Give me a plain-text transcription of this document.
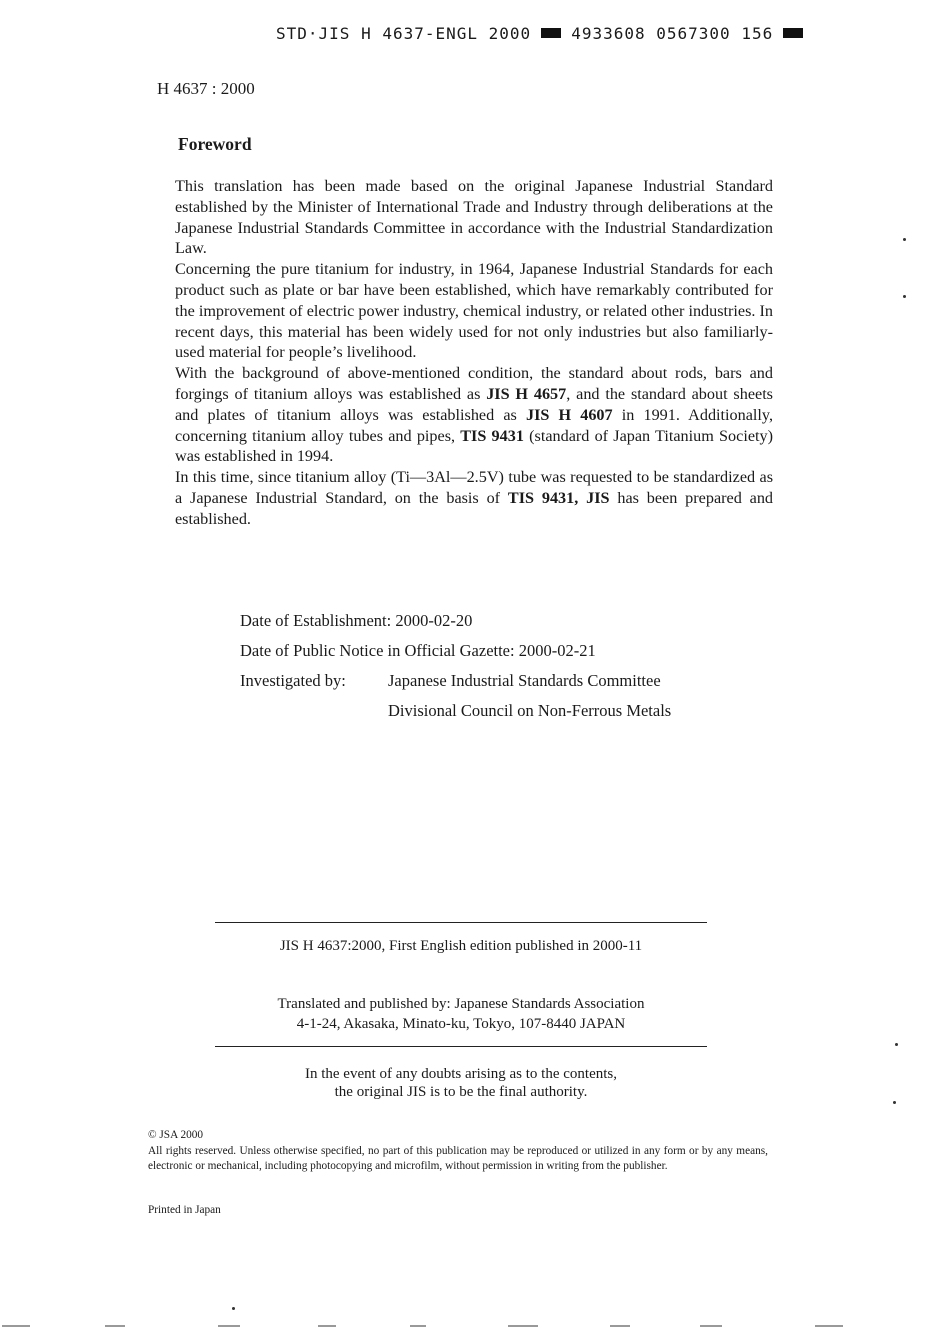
STD·JIS H 4637-ENGL 2000	4933608 0567300 156
H 4637 : 2000
Foreword

This translation has been made based on the original Japanese Industrial Standard established by the Minister of International Trade and Industry through deliberations at the Japanese Industrial Standards Committee in accordance with the Industrial Standardization Law.

Concerning the pure titanium for industry, in 1964, Japanese Industrial Standards for each product such as plate or bar have been established, which have remarkably contributed for the improvement of electric power industry, chemical industry, or related other industries. In recent days, this material has been widely used for not only industries but also familiarly-used material for people’s livelihood.

With the background of above-mentioned condition, the standard about rods, bars and forgings of titanium alloys was established as JIS H 4657, and the standard about sheets and plates of titanium alloys was established as JIS H 4607 in 1991. Additionally, concerning titanium alloy tubes and pipes, TIS 9431 (standard of Japan Titanium Society) was established in 1994.

In this time, since titanium alloy (Ti—3Al—2.5V) tube was requested to be standardized as a Japanese Industrial Standard, on the basis of TIS 9431, JIS has been prepared and established.

Date of Establishment: 2000-02-20
Date of Public Notice in Official Gazette: 2000-02-21
Investigated by:	Japanese Industrial Standards Committee
Divisional Council on Non-Ferrous Metals
JIS H 4637:2000, First English edition published in 2000-11
Translated and published by: Japanese Standards Association
4-1-24, Akasaka, Minato-ku, Tokyo, 107-8440 JAPAN
In the event of any doubts arising as to the contents,
the original JIS is to be the final authority.
© JSA 2000
All rights reserved. Unless otherwise specified, no part of this publication may be reproduced or utilized in any form or by any means, electronic or mechanical, including photocopying and microfilm, without permission in writing from the publisher.
Printed in Japan
